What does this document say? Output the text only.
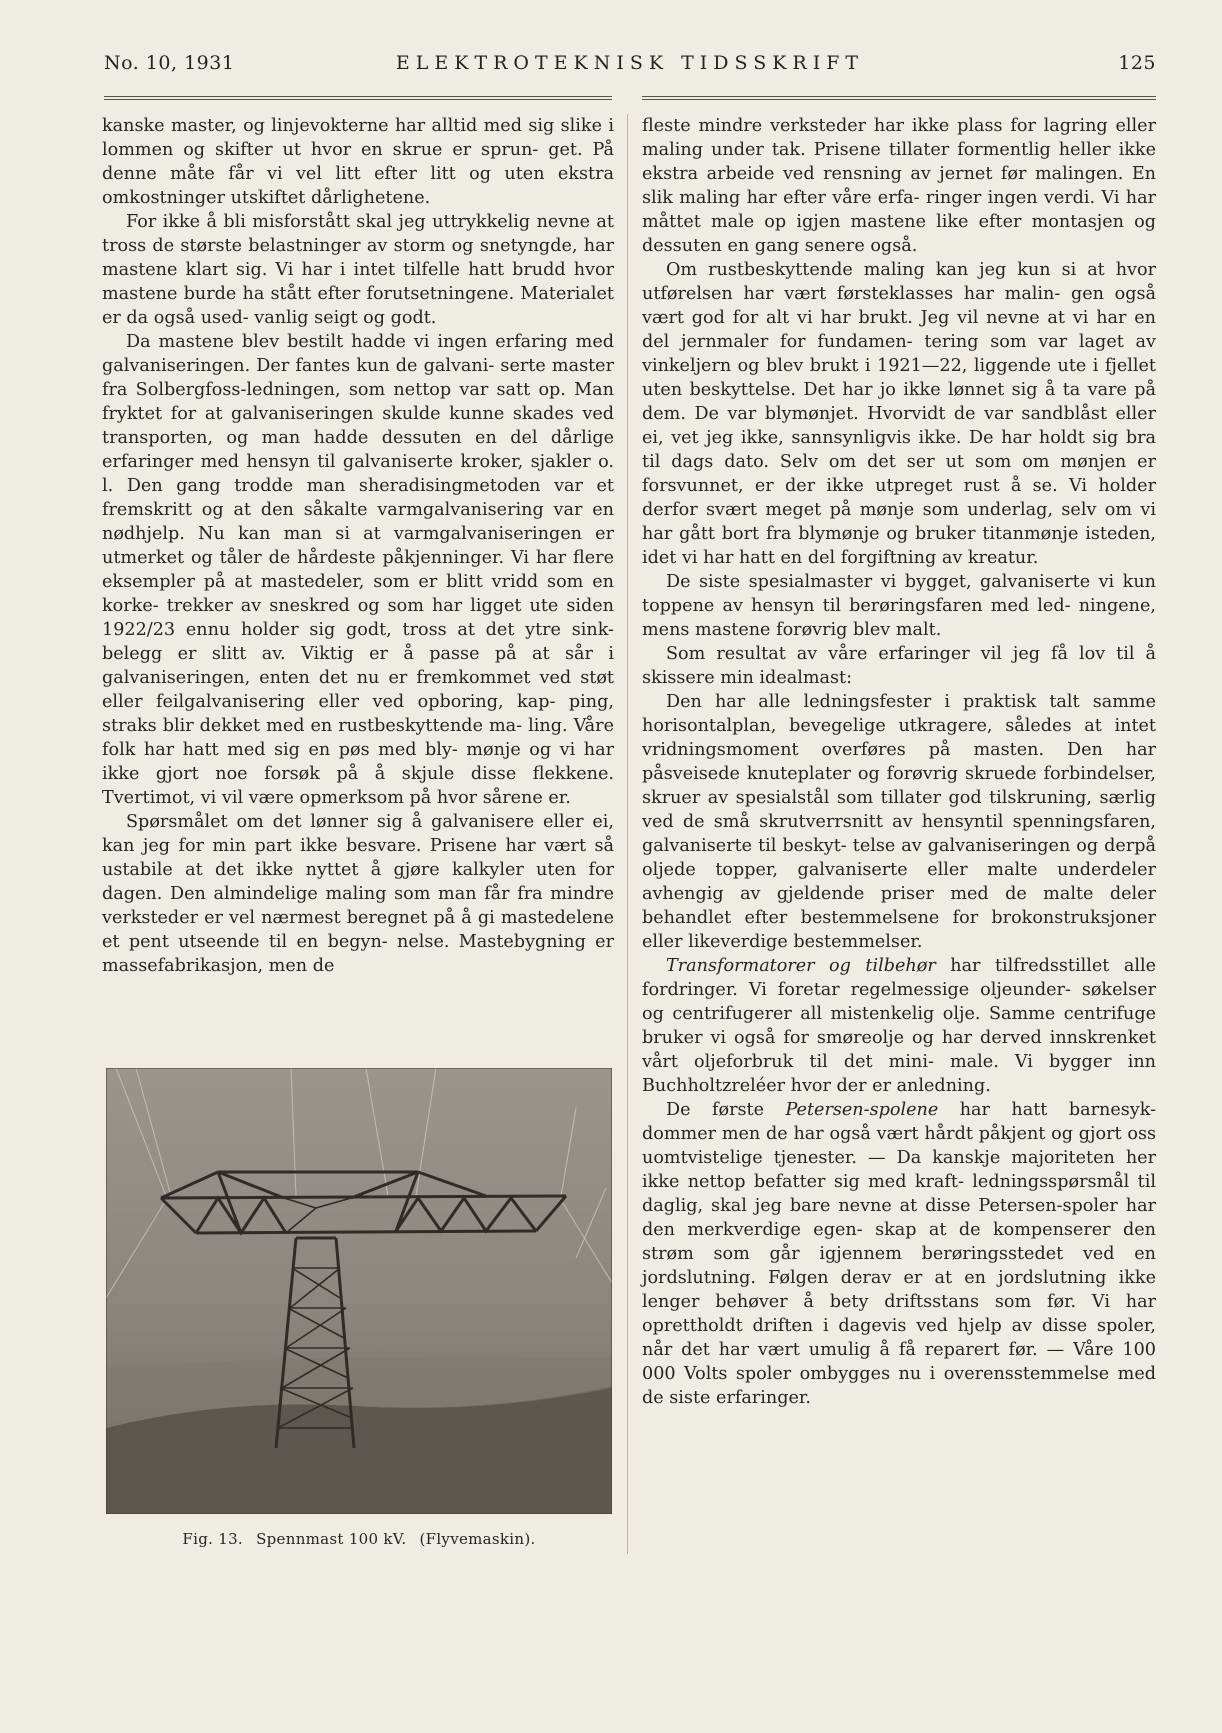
No. 10, 1931	ELEKTROTEKNISK TIDSSKRIFT	125

kanske master, og linjevokterne har alltid med sig slike i lommen og skifter ut hvor en skrue er sprun- get. På denne måte får vi vel litt efter litt og uten ekstra omkostninger utskiftet dårlighetene.

For ikke å bli misforstått skal jeg uttrykkelig nevne at tross de største belastninger av storm og snetyngde, har mastene klart sig. Vi har i intet tilfelle hatt brudd hvor mastene burde ha stått efter forutsetningene. Materialet er da også used- vanlig seigt og godt.

Da mastene blev bestilt hadde vi ingen erfaring med galvaniseringen. Der fantes kun de galvani- serte master fra Solbergfoss-ledningen, som nettop var satt op. Man fryktet for at galvaniseringen skulde kunne skades ved transporten, og man hadde dessuten en del dårlige erfaringer med hensyn til galvaniserte kroker, sjakler o. l. Den gang trodde man sheradisingmetoden var et fremskritt og at den såkalte varmgalvanisering var en nødhjelp. Nu kan man si at varmgalvaniseringen er utmerket og tåler de hårdeste påkjenninger. Vi har flere eksempler på at mastedeler, som er blitt vridd som en korke- trekker av sneskred og som har ligget ute siden 1922/23 ennu holder sig godt, tross at det ytre sink- belegg er slitt av. Viktig er å passe på at sår i galvaniseringen, enten det nu er fremkommet ved støt eller feilgalvanisering eller ved opboring, kap- ping, straks blir dekket med en rustbeskyttende ma- ling. Våre folk har hatt med sig en pøs med bly- mønje og vi har ikke gjort noe forsøk på å skjule disse flekkene. Tvertimot, vi vil være opmerksom på hvor sårene er.

Spørsmålet om det lønner sig å galvanisere eller ei, kan jeg for min part ikke besvare. Prisene har vært så ustabile at det ikke nyttet å gjøre kalkyler uten for dagen. Den almindelige maling som man får fra mindre verksteder er vel nærmest beregnet på å gi mastedelene et pent utseende til en begyn- nelse. Mastebygning er massefabrikasjon, men de

Fig. 13. Spennmast 100 kV. (Flyvemaskin).

fleste mindre verksteder har ikke plass for lagring eller maling under tak. Prisene tillater formentlig heller ikke ekstra arbeide ved rensning av jernet før malingen. En slik maling har efter våre erfa- ringer ingen verdi. Vi har måttet male op igjen mastene like efter montasjen og dessuten en gang senere også.

Om rustbeskyttende maling kan jeg kun si at hvor utførelsen har vært førsteklasses har malin- gen også vært god for alt vi har brukt. Jeg vil nevne at vi har en del jernmaler for fundamen- tering som var laget av vinkeljern og blev brukt i 1921—22, liggende ute i fjellet uten beskyttelse. Det har jo ikke lønnet sig å ta vare på dem. De var blymønjet. Hvorvidt de var sandblåst eller ei, vet jeg ikke, sannsynligvis ikke. De har holdt sig bra til dags dato. Selv om det ser ut som om mønjen er forsvunnet, er der ikke utpreget rust å se. Vi holder derfor svært meget på mønje som underlag, selv om vi har gått bort fra blymønje og bruker titanmønje isteden, idet vi har hatt en del forgiftning av kreatur.

De siste spesialmaster vi bygget, galvaniserte vi kun toppene av hensyn til berøringsfaren med led- ningene, mens mastene forøvrig blev malt.

Som resultat av våre erfaringer vil jeg få lov til å skissere min idealmast:

Den har alle ledningsfester i praktisk talt samme horisontalplan, bevegelige utkragere, således at intet vridningsmoment overføres på masten. Den har påsveisede knuteplater og forøvrig skruede forbindelser, skruer av spesialstål som tillater god tilskruning, særlig ved de små skrutverrsnitt av hensyntil spenningsfaren, galvaniserte til beskyt- telse av galvaniseringen og derpå oljede topper, galvaniserte eller malte underdeler avhengig av gjeldende priser med de malte deler behandlet efter bestemmelsene for brokonstruksjoner eller likeverdige bestemmelser.

Transformatorer og tilbehør har tilfredsstillet alle fordringer. Vi foretar regelmessige oljeunder- søkelser og centrifugerer all mistenkelig olje. Samme centrifuge bruker vi også for smøreolje og har derved innskrenket vårt oljeforbruk til det mini- male. Vi bygger inn Buchholtzreléer hvor der er anledning.

De første Petersen-spolene har hatt barnesyk- dommer men de har også vært hårdt påkjent og gjort oss uomtvistelige tjenester. — Da kanskje majoriteten her ikke nettop befatter sig med kraft- ledningsspørsmål til daglig, skal jeg bare nevne at disse Petersen-spoler har den merkverdige egen- skap at de kompenserer den strøm som går igjennem berøringsstedet ved en jordslutning. Følgen derav er at en jordslutning ikke lenger behøver å bety driftsstans som før. Vi har oprettholdt driften i dagevis ved hjelp av disse spoler, når det har vært umulig å få reparert før. — Våre 100 000 Volts spoler ombygges nu i overensstemmelse med de siste erfaringer.
